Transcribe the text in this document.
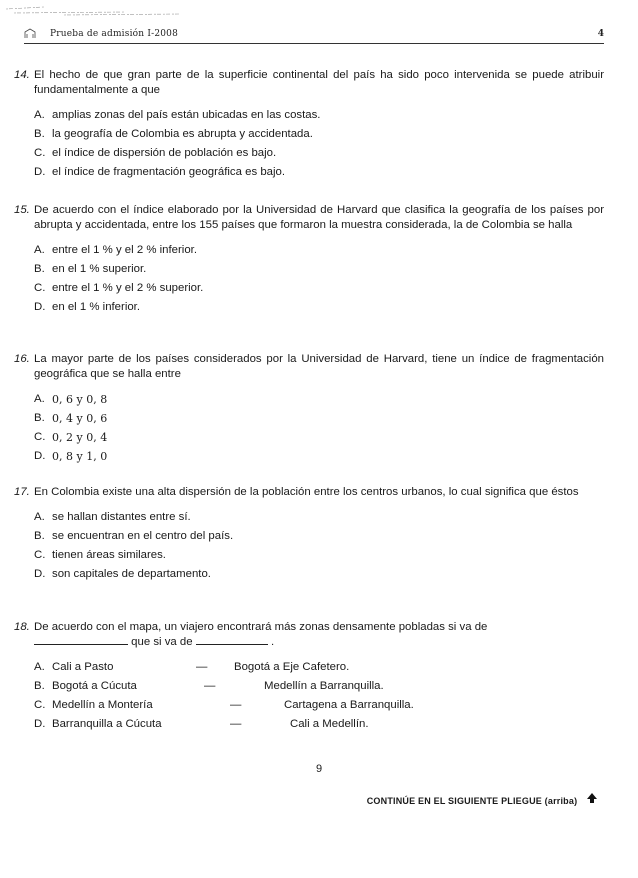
Prueba de admisión I-2008	4
14. El hecho de que gran parte de la superficie continental del país ha sido poco intervenida se puede atribuir fundamentalmente a que
A. amplias zonas del país están ubicadas en las costas.
B. la geografía de Colombia es abrupta y accidentada.
C. el índice de dispersión de población es bajo.
D. el índice de fragmentación geográfica es bajo.
15. De acuerdo con el índice elaborado por la Universidad de Harvard que clasifica la geografía de los países por abrupta y accidentada, entre los 155 países que formaron la muestra considerada, la de Colombia se halla
A. entre el 1 % y el 2 % inferior.
B. en el 1 % superior.
C. entre el 1 % y el 2 % superior.
D. en el 1 % inferior.
16. La mayor parte de los países considerados por la Universidad de Harvard, tiene un índice de fragmentación geográfica que se halla entre
A. 0, 6 y 0, 8
B. 0, 4 y 0, 6
C. 0, 2 y 0, 4
D. 0, 8 y 1, 0
17. En Colombia existe una alta dispersión de la población entre los centros urbanos, lo cual significa que éstos
A. se hallan distantes entre sí.
B. se encuentran en el centro del país.
C. tienen áreas similares.
D. son capitales de departamento.
18. De acuerdo con el mapa, un viajero encontrará más zonas densamente pobladas si va de
que si va de	.
A. Cali a Pasto	— Bogotá a Eje Cafetero.
B. Bogotá a Cúcuta	—	Medellín a Barranquilla.
C. Medellín a Montería	—	Cartagena a Barranquilla.
D. Barranquilla a Cúcuta	—	Cali a Medellín.
9
CONTINÚE EN EL SIGUIENTE PLIEGUE (arriba)
